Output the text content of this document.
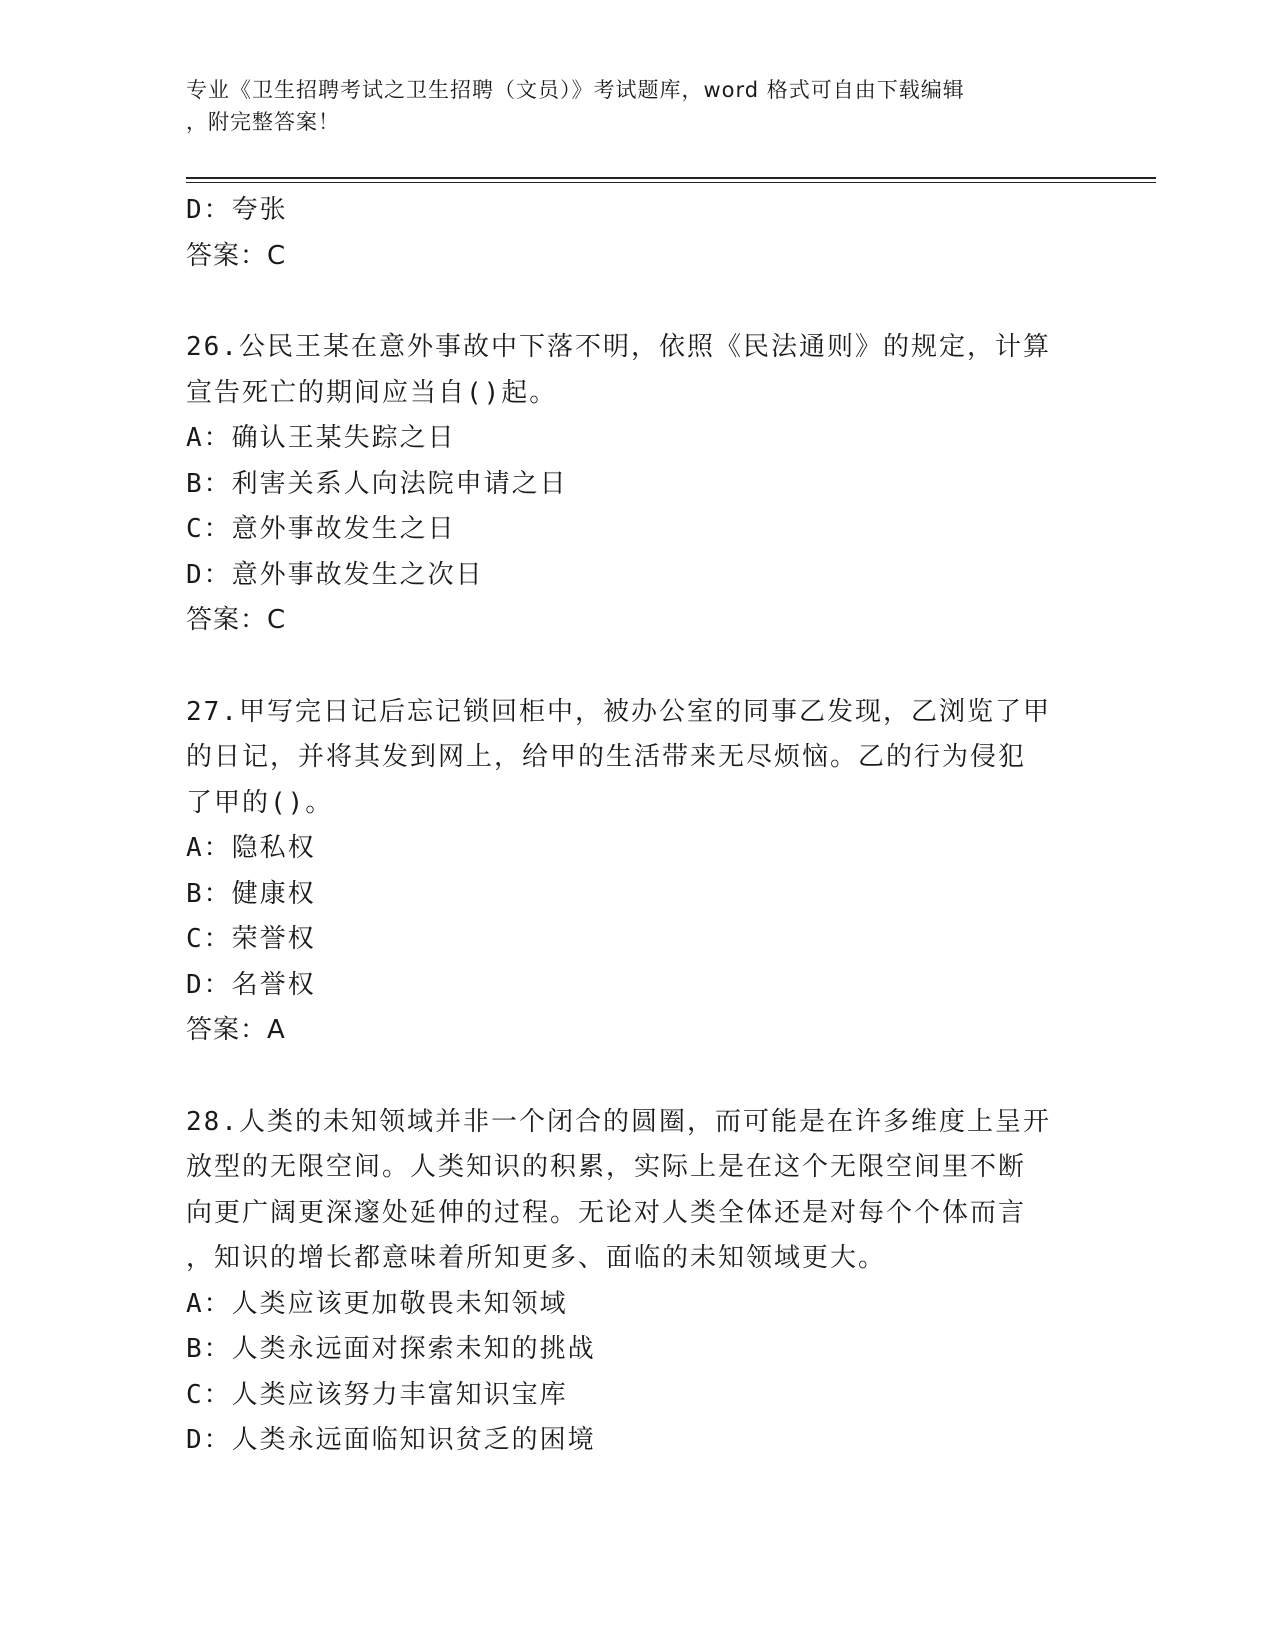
专业《卫生招聘考试之卫生招聘（文员）》考试题库，word 格式可自由下载编辑
，附完整答案！
D：夸张
答案：C
26.公民王某在意外事故中下落不明，依照《民法通则》的规定，计算
宣告死亡的期间应当自()起。
A：确认王某失踪之日
B：利害关系人向法院申请之日
C：意外事故发生之日
D：意外事故发生之次日
答案：C
27.甲写完日记后忘记锁回柜中，被办公室的同事乙发现，乙浏览了甲
的日记，并将其发到网上，给甲的生活带来无尽烦恼。乙的行为侵犯
了甲的()。
A：隐私权
B：健康权
C：荣誉权
D：名誉权
答案：A
28.人类的未知领域并非一个闭合的圆圈，而可能是在许多维度上呈开
放型的无限空间。人类知识的积累，实际上是在这个无限空间里不断
向更广阔更深邃处延伸的过程。无论对人类全体还是对每个个体而言
，知识的增长都意味着所知更多、面临的未知领域更大。
A：人类应该更加敬畏未知领域
B：人类永远面对探索未知的挑战
C：人类应该努力丰富知识宝库
D：人类永远面临知识贫乏的困境
